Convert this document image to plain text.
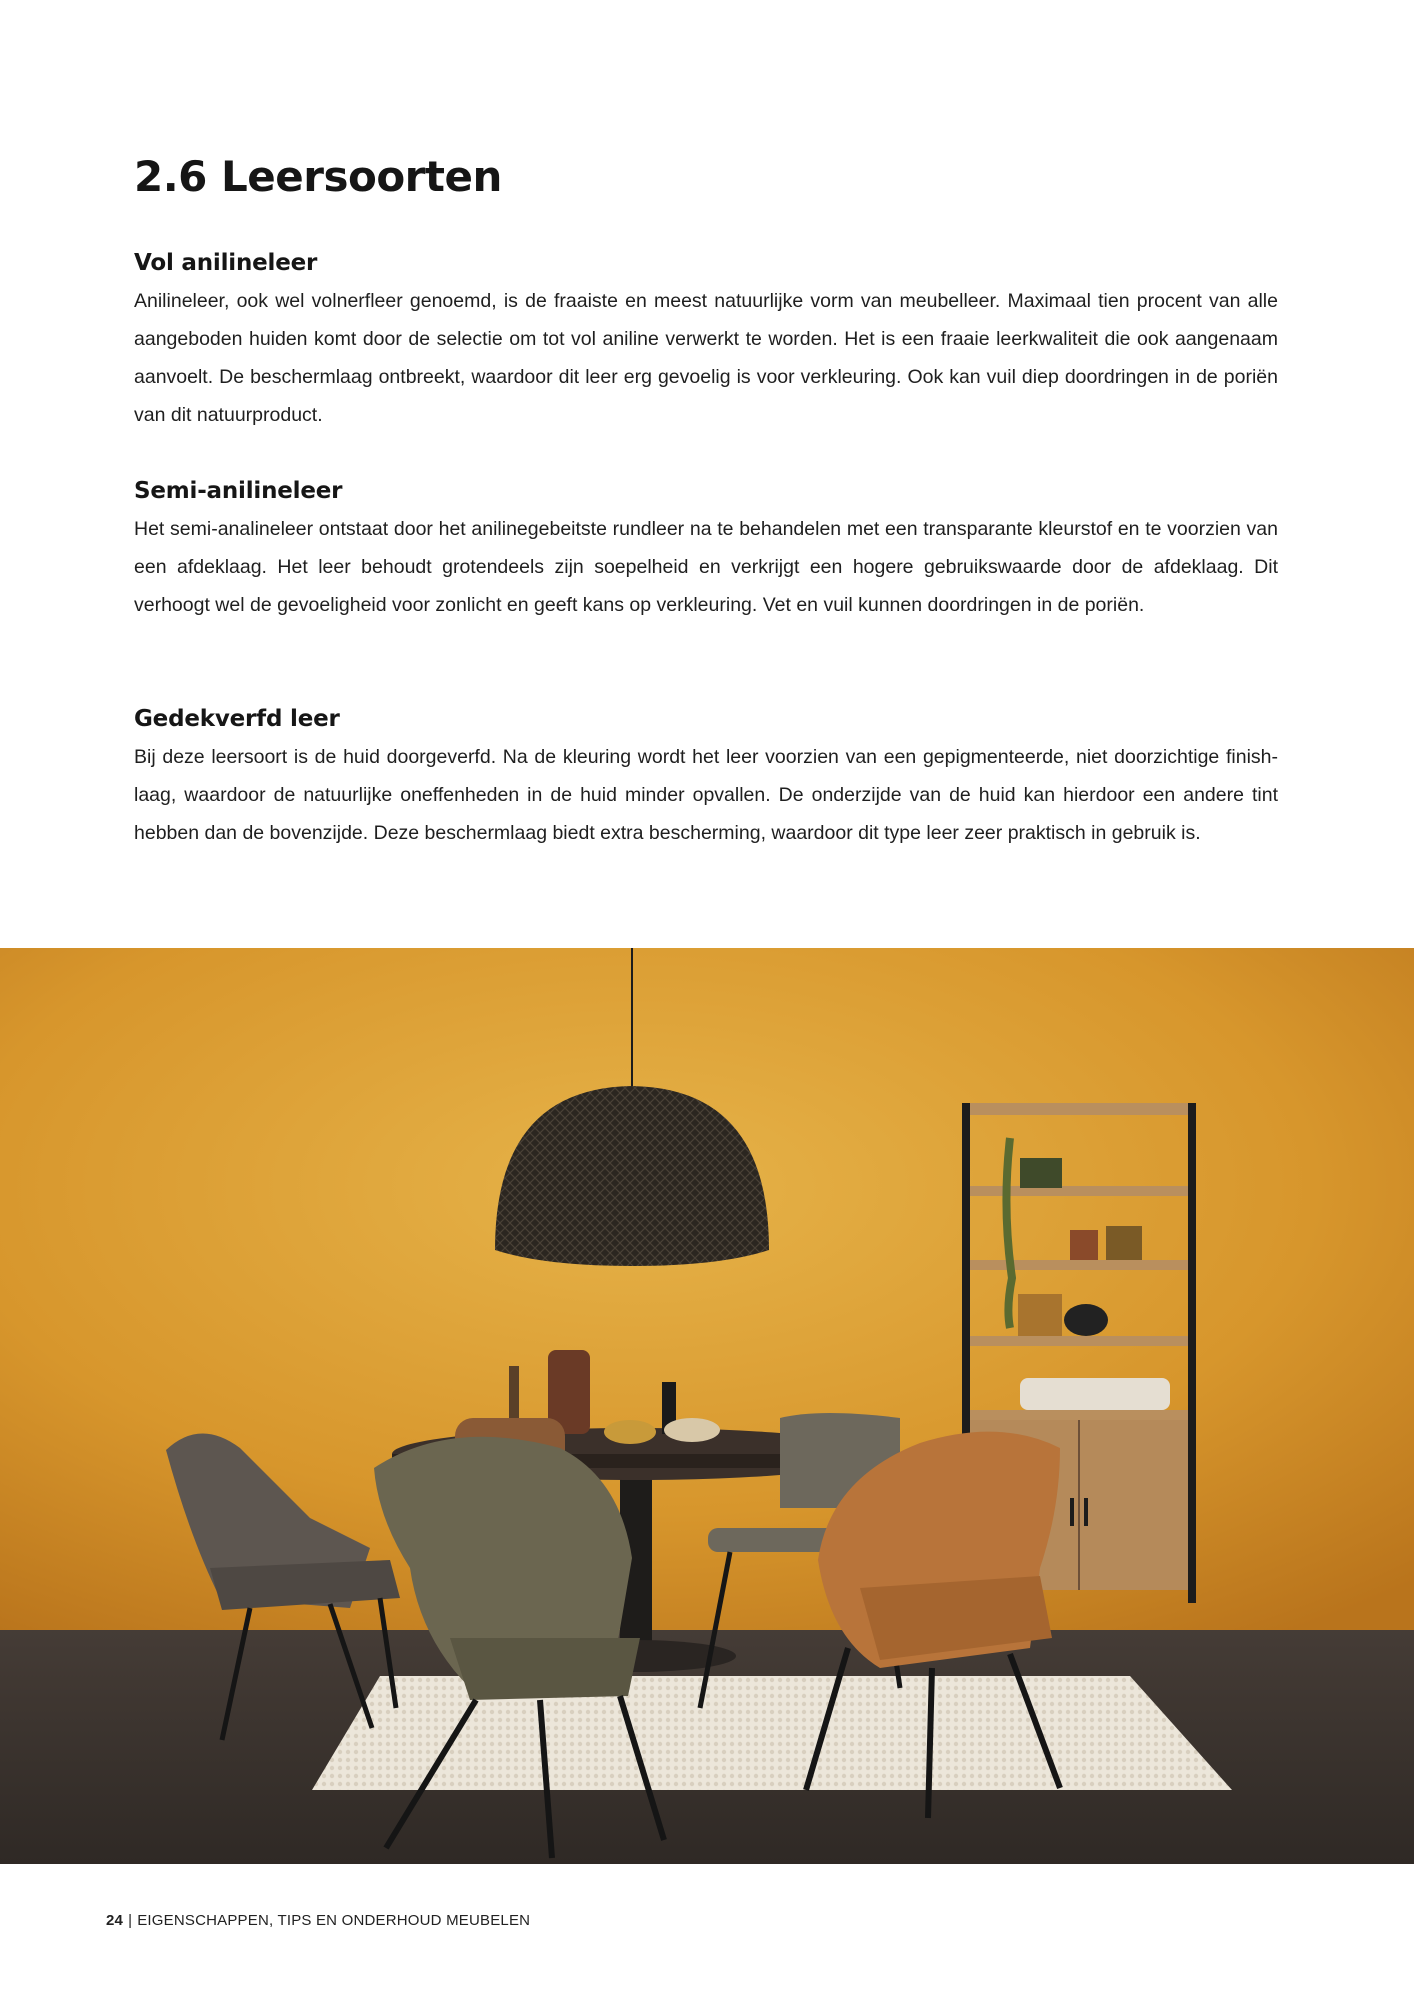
2.6 Leersoorten
Vol anilineleer

Anilineleer, ook wel volnerfleer genoemd, is de fraaiste en meest natuurlijke vorm van meubelleer. Maximaal tien procent van alle aangeboden huiden komt door de selectie om tot vol aniline verwerkt te worden. Het is een fraaie leerkwaliteit die ook aangenaam aanvoelt. De beschermlaag ontbreekt, waardoor dit leer erg gevoelig is voor verkleuring. Ook kan vuil diep doordringen in de poriën van dit natuurproduct.

Semi-anilineleer

Het semi-analineleer ontstaat door het anilinegebeitste rundleer na te behandelen met een transparante kleurstof en te voorzien van een afdeklaag. Het leer behoudt grotendeels zijn soepelheid en verkrijgt een hogere gebruikswaarde door de afdeklaag. Dit verhoogt wel de gevoeligheid voor zonlicht en geeft kans op verkleuring. Vet en vuil kunnen doordringen in de poriën.

Gedekverfd leer

Bij deze leersoort is de huid doorgeverfd. Na de kleuring wordt het leer voorzien van een gepigmenteerde, niet doorzichtige finish-laag, waardoor de natuurlijke oneffenheden in de huid minder opvallen. De onderzijde van de huid kan hierdoor een andere tint hebben dan de bovenzijde. Deze beschermlaag biedt extra bescherming, waardoor dit type leer zeer praktisch in gebruik is.

24 | EIGENSCHAPPEN, TIPS EN ONDERHOUD MEUBELEN
